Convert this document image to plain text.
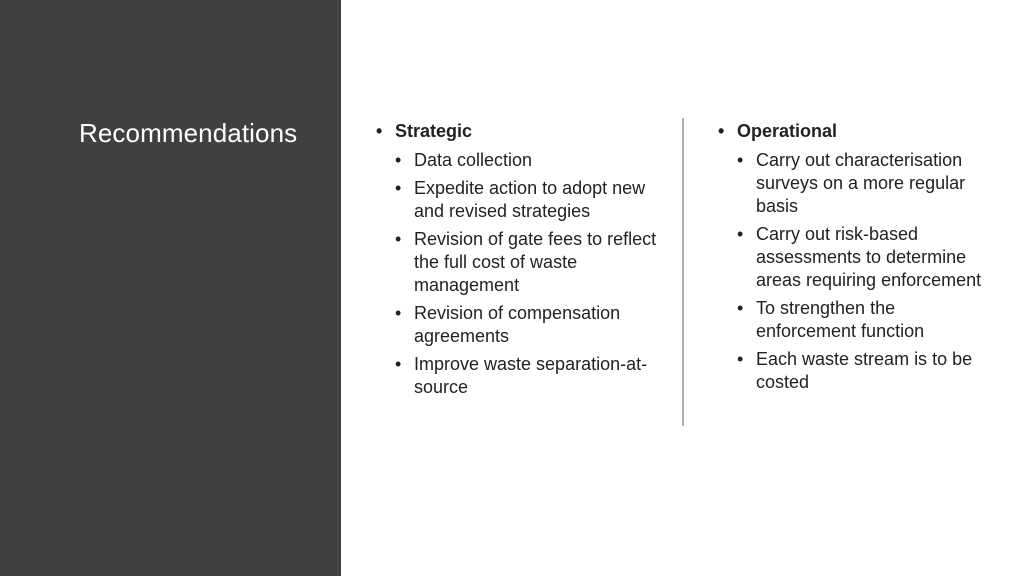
Recommendations	• Strategic
• Data collection
• Expedite action to adopt new and revised strategies
• Revision of gate fees to reflect the full cost of waste management
• Revision of compensation agreements
• Improve waste separation-at-source
• Operational
• Carry out characterisation surveys on a more regular basis
• Carry out risk-based assessments to determine areas requiring enforcement
• To strengthen the enforcement function
• Each waste stream is to be costed
